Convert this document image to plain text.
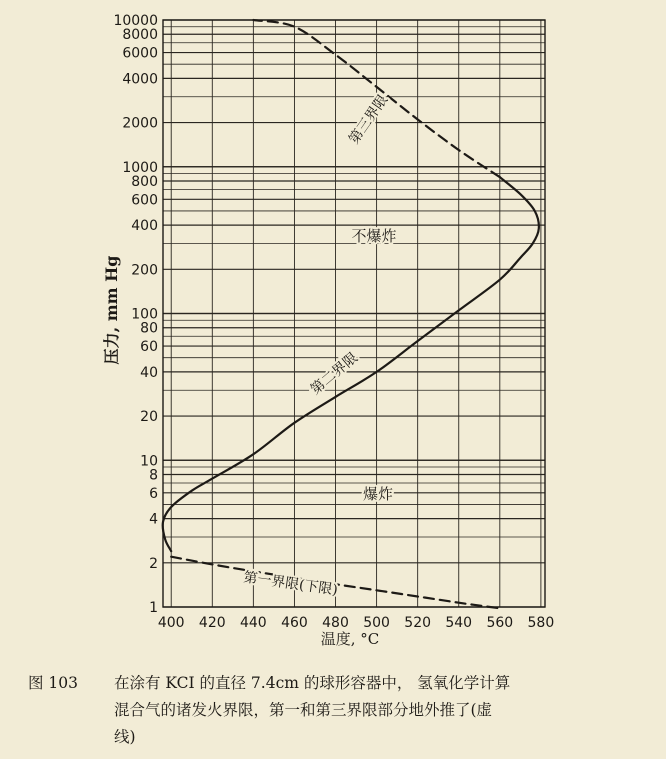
400 420 440 460 480 500 520 540 560 580
1
2
4
6
8
10
20
40
60
80
100
200
400
600
800
1000
2000
4000
6000
8000
10000
不爆炸
爆炸
第三界限
第二界限
第一界限(下限)
压力, mm Hg
温度, °C
图 103 在涂有 KCI 的直径 7.4cm 的球形容器中， 氢氧化学计算
混合气的诸发火界限，第一和第三界限部分地外推了(虚
线)
